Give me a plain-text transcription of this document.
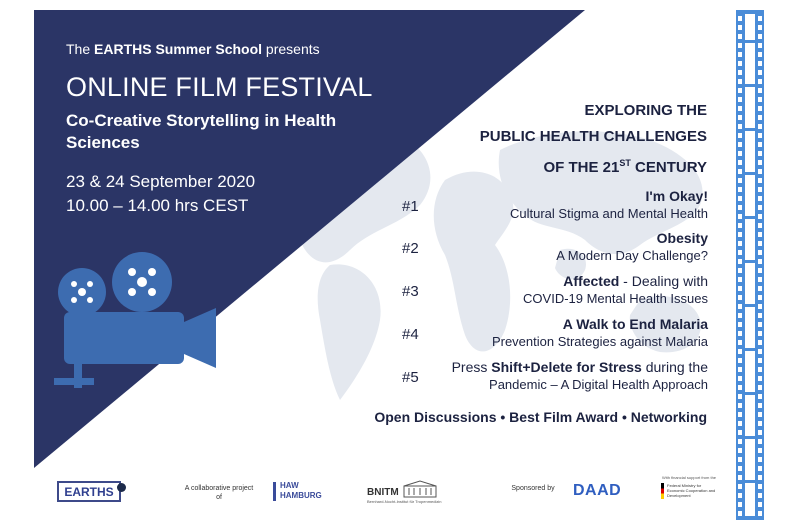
The EARTHS Summer School presents
ONLINE FILM FESTIVAL
Co-Creative Storytelling in Health Sciences
23 & 24 September 2020
10.00 – 14.00 hrs CEST
EXPLORING THE
PUBLIC HEALTH CHALLENGES
OF THE 21ST CENTURY
#1
I'm Okay!
Cultural Stigma and Mental Health
#2
Obesity
A Modern Day Challenge?
#3
Affected - Dealing with
COVID-19 Mental Health Issues
#4
A Walk to End Malaria
Prevention Strategies against Malaria
#5
Press Shift+Delete for Stress during the
Pandemic – A Digital Health Approach
Open Discussions • Best Film Award • Networking
EARTHS	A collaborative project of
HAW
HAMBURG	BNITM
Bernhard-Nocht-Institut für Tropenmedizin
Sponsored by	DAAD
With financial support from the
Federal Ministry for Economic Cooperation and Development
